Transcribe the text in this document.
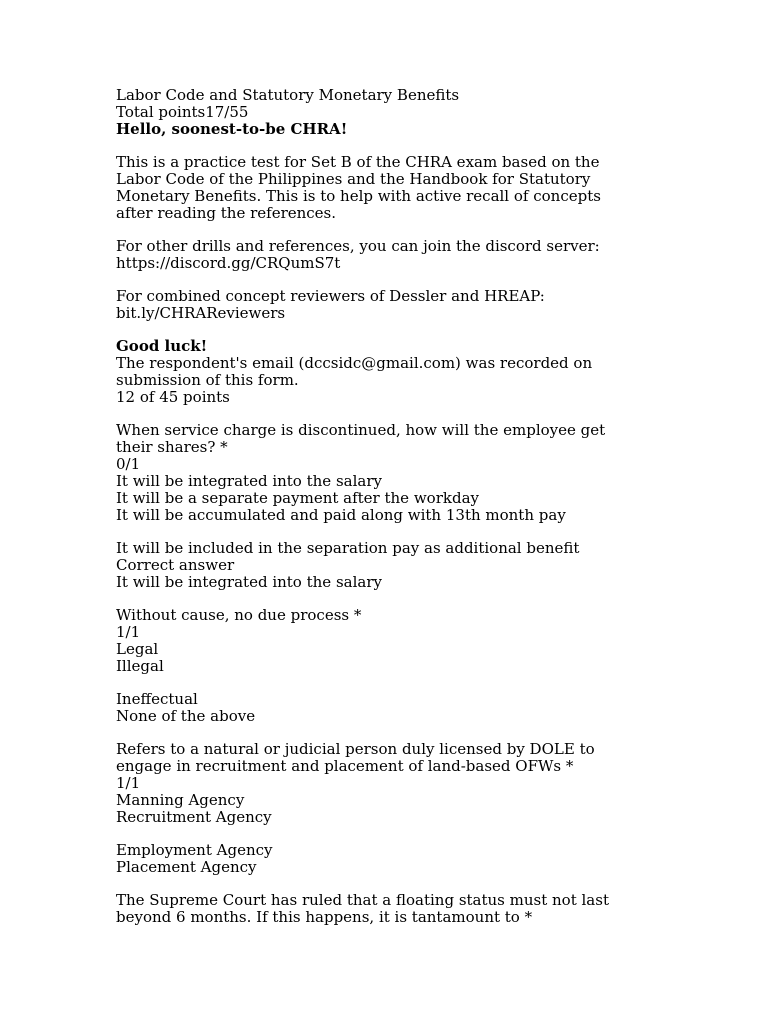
Labor Code and Statutory Monetary Benefits
Total points17/55
Hello, soonest-to-be CHRA!
This is a practice test for Set B of the CHRA exam based on the
Labor Code of the Philippines and the Handbook for Statutory
Monetary Benefits. This is to help with active recall of concepts
after reading the references.
For other drills and references, you can join the discord server:
https://discord.gg/CRQumS7t
For combined concept reviewers of Dessler and HREAP:
bit.ly/CHRAReviewers
Good luck!
The respondent's email (dccsidc@gmail.com) was recorded on
submission of this form.
12 of 45 points
When service charge is discontinued, how will the employee get
their shares? *
0/1
It will be integrated into the salary
It will be a separate payment after the workday
It will be accumulated and paid along with 13th month pay
It will be included in the separation pay as additional benefit
Correct answer
It will be integrated into the salary
Without cause, no due process *
1/1
Legal
Illegal
Ineffectual
None of the above
Refers to a natural or judicial person duly licensed by DOLE to
engage in recruitment and placement of land-based OFWs *
1/1
Manning Agency
Recruitment Agency
Employment Agency
Placement Agency
The Supreme Court has ruled that a floating status must not last
beyond 6 months. If this happens, it is tantamount to *
